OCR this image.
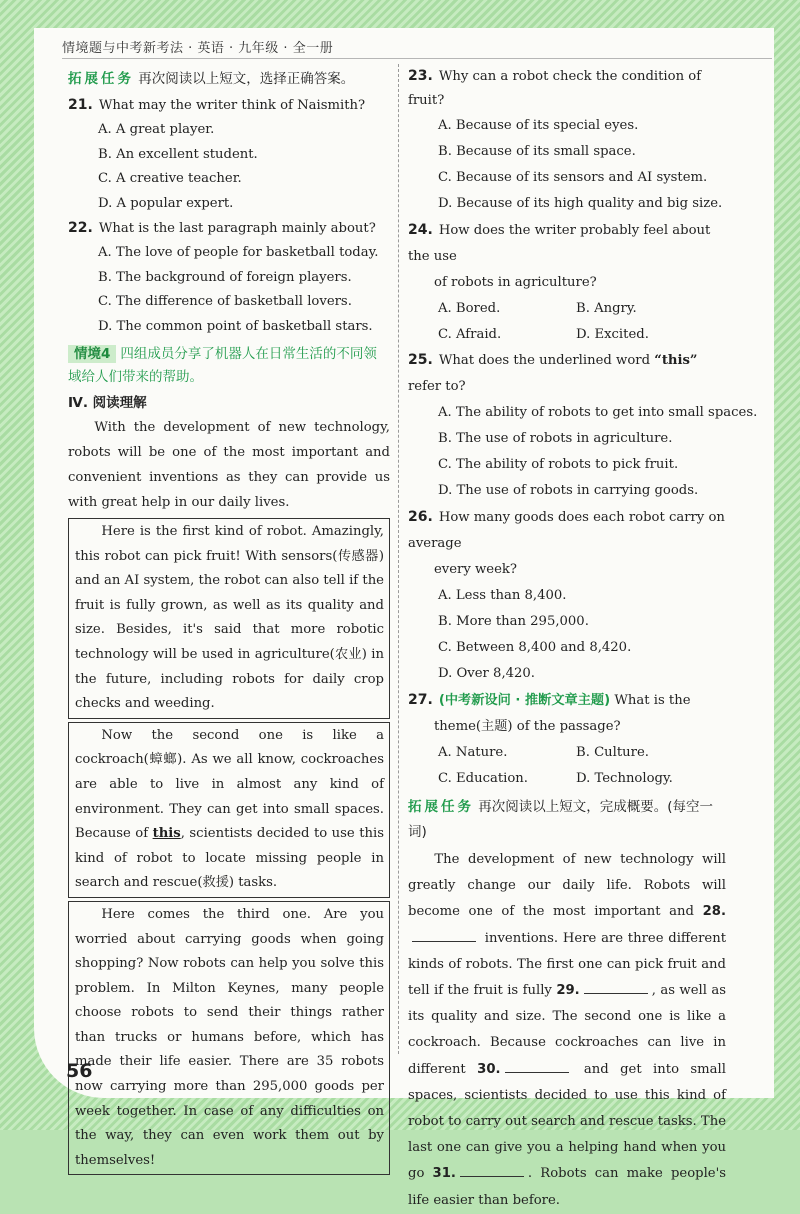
情境题与中考新考法 · 英语 · 九年级 · 全一册

拓展任务 再次阅读以上短文，选择正确答案。

21. What may the writer think of Naismith?

A. A great player.

B. An excellent student.

C. A creative teacher.

D. A popular expert.

22. What is the last paragraph mainly about?

A. The love of people for basketball today.

B. The background of foreign players.

C. The difference of basketball lovers.

D. The common point of basketball stars.

情境4 四组成员分享了机器人在日常生活的不同领域给人们带来的帮助。

Ⅳ. 阅读理解

With the development of new technology, robots will be one of the most important and convenient inventions as they can provide us with great help in our daily lives.

Here is the first kind of robot. Amazingly, this robot can pick fruit! With sensors(传感器) and an AI system, the robot can also tell if the fruit is fully grown, as well as its quality and size. Besides, it's said that more robotic technology will be used in agriculture(农业) in the future, including robots for daily crop checks and weeding.

Now the second one is like a cockroach(蟑螂). As we all know, cockroaches are able to live in almost any kind of environment. They can get into small spaces. Because of this, scientists decided to use this kind of robot to locate missing people in search and rescue(救援) tasks.

Here comes the third one. Are you worried about carrying goods when going shopping? Now robots can help you solve this problem. In Milton Keynes, many people choose robots to send their things rather than trucks or humans before, which has made their life easier. There are 35 robots now carrying more than 295,000 goods per week together. In case of any difficulties on the way, they can even work them out by themselves!

23. Why can a robot check the condition of fruit?

A. Because of its special eyes.

B. Because of its small space.

C. Because of its sensors and AI system.

D. Because of its high quality and big size.

24. How does the writer probably feel about the use
of robots in agriculture?

A. Bored.	B. Angry.
C. Afraid.	D. Excited.

25. What does the underlined word “this” refer to?

A. The ability of robots to get into small spaces.

B. The use of robots in agriculture.

C. The ability of robots to pick fruit.

D. The use of robots in carrying goods.

26. How many goods does each robot carry on average
every week?

A. Less than 8,400.

B. More than 295,000.

C. Between 8,400 and 8,420.

D. Over 8,420.

27. (中考新设问 · 推断文章主题) What is the
theme(主题) of the passage?

A. Nature.	B. Culture.
C. Education.	D. Technology.

拓展任务 再次阅读以上短文，完成概要。(每空一词)

The development of new technology will greatly change our daily life. Robots will become one of the most important and 28. inventions. Here are three different kinds of robots. The first one can pick fruit and tell if the fruit is fully 29.	, as well as its quality and size. The second one is like a cockroach. Because cockroaches can live in different 30.	and get into small spaces, scientists decided to use this kind of robot to carry out search and rescue tasks. The last one can give you a helping hand when you go 31.	. Robots can make people's life easier than before.

56
